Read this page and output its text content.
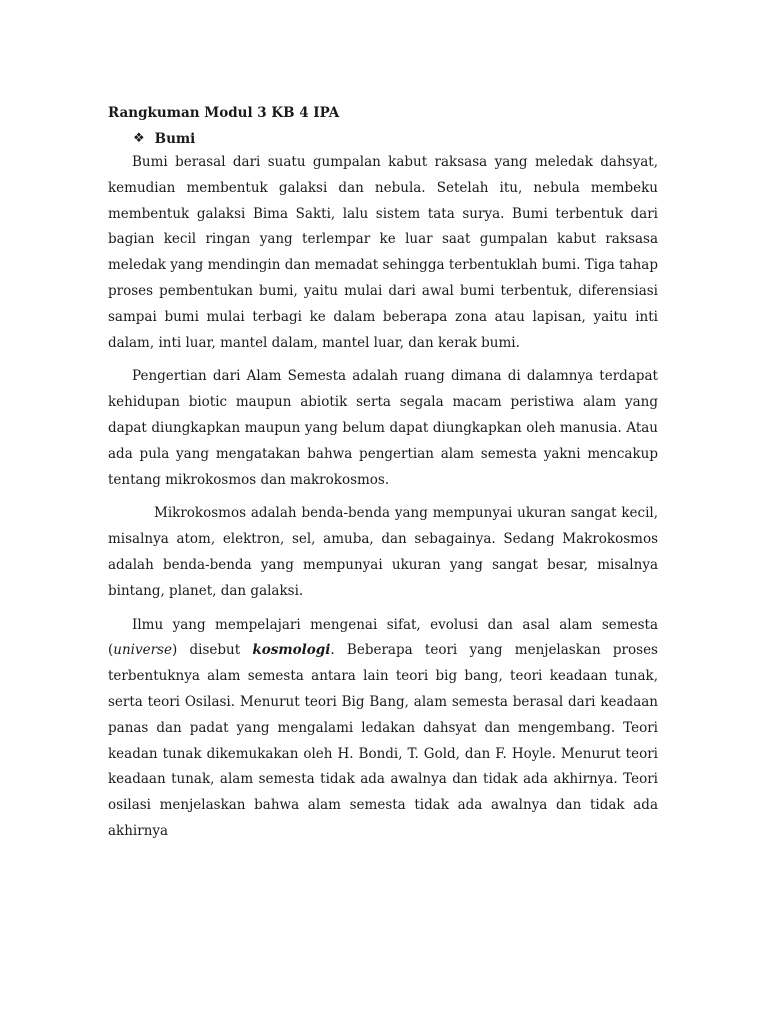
Rangkuman Modul 3 KB 4 IPA
❖ Bumi

Bumi berasal dari suatu gumpalan kabut raksasa yang meledak dahsyat, kemudian membentuk galaksi dan nebula. Setelah itu, nebula membeku membentuk galaksi Bima Sakti, lalu sistem tata surya. Bumi terbentuk dari bagian kecil ringan yang terlempar ke luar saat gumpalan kabut raksasa meledak yang mendingin dan memadat sehingga terbentuklah bumi. Tiga tahap proses pembentukan bumi, yaitu mulai dari awal bumi terbentuk, diferensiasi sampai bumi mulai terbagi ke dalam beberapa zona atau lapisan, yaitu inti dalam, inti luar, mantel dalam, mantel luar, dan kerak bumi.

Pengertian dari Alam Semesta adalah ruang dimana di dalamnya terdapat kehidupan biotic maupun abiotik serta segala macam peristiwa alam yang dapat diungkapkan maupun yang belum dapat diungkapkan oleh manusia. Atau ada pula yang mengatakan bahwa pengertian alam semesta yakni mencakup tentang mikrokosmos dan makrokosmos.

Mikrokosmos adalah benda-benda yang mempunyai ukuran sangat kecil, misalnya atom, elektron, sel, amuba, dan sebagainya. Sedang Makrokosmos adalah benda-benda yang mempunyai ukuran yang sangat besar, misalnya bintang, planet, dan galaksi.

Ilmu yang mempelajari mengenai sifat, evolusi dan asal alam semesta (universe) disebut kosmologi. Beberapa teori yang menjelaskan proses terbentuknya alam semesta antara lain teori big bang, teori keadaan tunak, serta teori Osilasi. Menurut teori Big Bang, alam semesta berasal dari keadaan panas dan padat yang mengalami ledakan dahsyat dan mengembang. Teori keadan tunak dikemukakan oleh H. Bondi, T. Gold, dan F. Hoyle. Menurut teori keadaan tunak, alam semesta tidak ada awalnya dan tidak ada akhirnya. Teori osilasi menjelaskan bahwa alam semesta tidak ada awalnya dan tidak ada akhirnya
